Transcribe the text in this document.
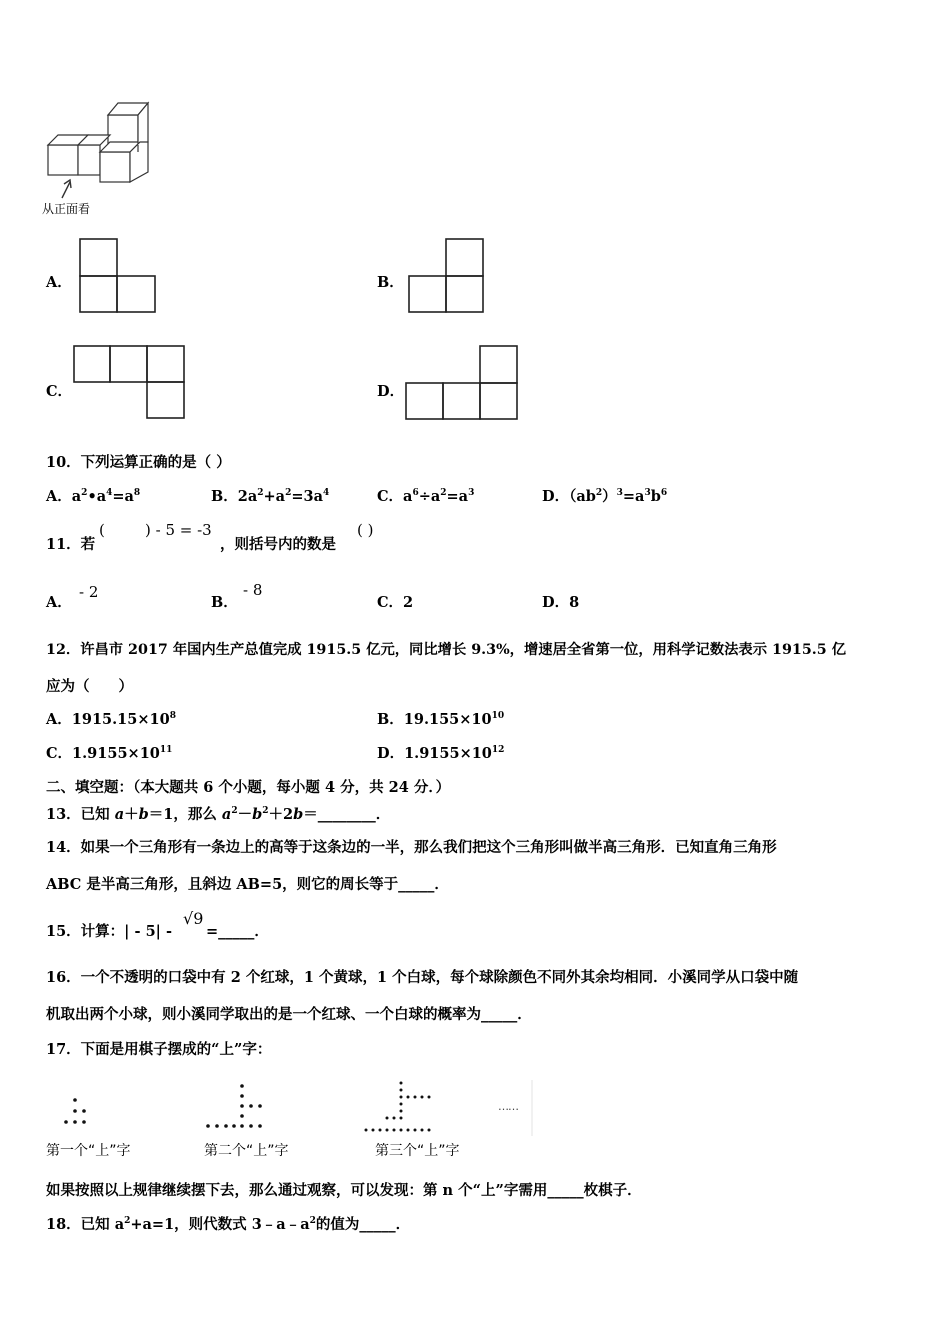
从正面看
A．	B．
C．	D．
10．下列运算正确的是（ ）
A．$a^2•a^4=a^8$	B．$2a^2+a^2=3a^4$	C．$a^6\div a^2=a^3$	D．$(ab^2)^3=a^3b^6$
11．若
(	) - 5 = -3
，则括号内的数是
( )
A．
- 2
B．
- 8
C．2	D．8
12．许昌市 2017 年国内生产总值完成 1915.5 亿元，同比增长 9.3%，增速居全省第一位，用科学记数法表示 1915.5 亿
应为（　　）
A．$1915.15\times 10^8$	B．$19.155\times 10^{10}$
C．$1.9155\times 10^{11}$	D．$1.9155\times 10^{12}$
二、填空题：（本大题共 6 个小题，每小题 4 分，共 24 分．）
13．已知 a＋b＝1，那么 $a^2-b^2+2b=\_\_\_\_\_\_\_\_$．
14．如果一个三角形有一条边上的高等于这条边的一半，那么我们把这个三角形叫做半高三角形．已知直角三角形
ABC 是半高三角形，且斜边 AB=5，则它的周长等于_____．
15．计算：| - 5| -
√9
=_____．
16．一个不透明的口袋中有 2 个红球，1 个黄球，1 个白球，每个球除颜色不同外其余均相同．小溪同学从口袋中随
机取出两个小球，则小溪同学取出的是一个红球、一个白球的概率为_____．
17．下面是用棋子摆成的“上”字：
……
第一个“上”字	第二个“上”字	第三个“上”字
如果按照以上规律继续摆下去，那么通过观察，可以发现：第 n 个“上”字需用_____枚棋子．
18．已知 $a^2+a=1$，则代数式 $3﹣a﹣a^2$的值为_____．
